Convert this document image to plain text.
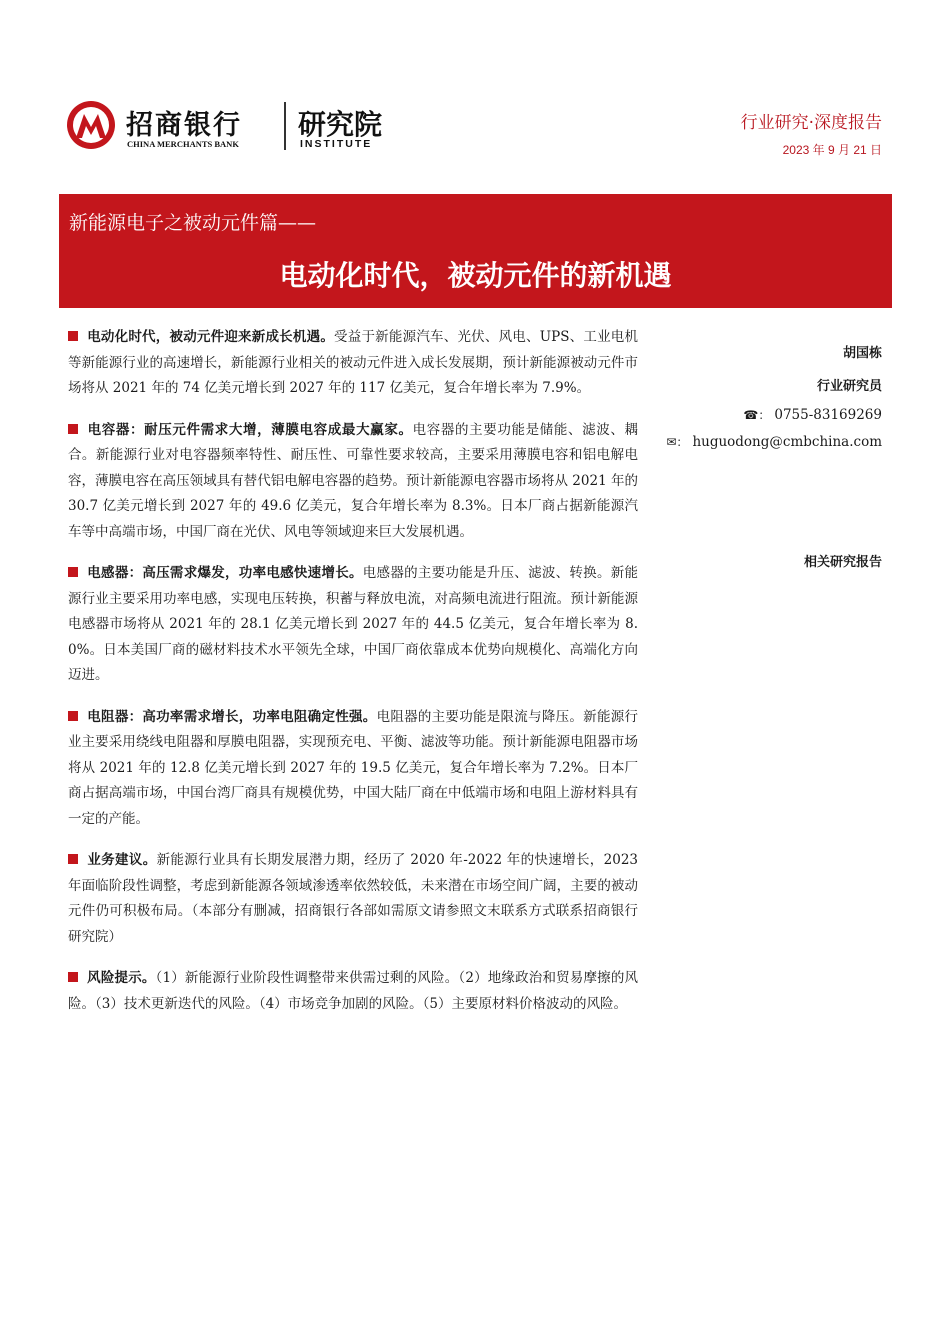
招商银行
CHINA MERCHANTS BANK
研究院
INSTITUTE
行业研究·深度报告
2023 年 9 月 21 日
新能源电子之被动元件篇——
电动化时代，被动元件的新机遇

电动化时代，被动元件迎来新成长机遇。受益于新能源汽车、光伏、风电、UPS、工业电机等新能源行业的高速增长，新能源行业相关的被动元件进入成长发展期，预计新能源被动元件市场将从 2021 年的 74 亿美元增长到 2027 年的 117 亿美元，复合年增长率为 7.9%。

电容器：耐压元件需求大增，薄膜电容成最大赢家。电容器的主要功能是储能、滤波、耦合。新能源行业对电容器频率特性、耐压性、可靠性要求较高，主要采用薄膜电容和铝电解电容，薄膜电容在高压领域具有替代铝电解电容器的趋势。预计新能源电容器市场将从 2021 年的 30.7 亿美元增长到 2027 年的 49.6 亿美元，复合年增长率为 8.3%。日本厂商占据新能源汽车等中高端市场，中国厂商在光伏、风电等领域迎来巨大发展机遇。

电感器：高压需求爆发，功率电感快速增长。电感器的主要功能是升压、滤波、转换。新能源行业主要采用功率电感，实现电压转换，积蓄与释放电流，对高频电流进行阻流。预计新能源电感器市场将从 2021 年的 28.1 亿美元增长到 2027 年的 44.5 亿美元，复合年增长率为 8.0%。日本美国厂商的磁材料技术水平领先全球，中国厂商依靠成本优势向规模化、高端化方向迈进。

电阻器：高功率需求增长，功率电阻确定性强。电阻器的主要功能是限流与降压。新能源行业主要采用绕线电阻器和厚膜电阻器，实现预充电、平衡、滤波等功能。预计新能源电阻器市场将从 2021 年的 12.8 亿美元增长到 2027 年的 19.5 亿美元，复合年增长率为 7.2%。日本厂商占据高端市场，中国台湾厂商具有规模优势，中国大陆厂商在中低端市场和电阻上游材料具有一定的产能。

业务建议。新能源行业具有长期发展潜力期，经历了 2020 年-2022 年的快速增长，2023 年面临阶段性调整，考虑到新能源各领域渗透率依然较低，未来潜在市场空间广阔，主要的被动元件仍可积极布局。（本部分有删减，招商银行各部如需原文请参照文末联系方式联系招商银行研究院）

风险提示。（1）新能源行业阶段性调整带来供需过剩的风险。（2）地缘政治和贸易摩擦的风险。（3）技术更新迭代的风险。（4）市场竞争加剧的风险。（5）主要原材料价格波动的风险。

胡国栋
行业研究员
☎： 0755-83169269
✉： huguodong@cmbchina.com
相关研究报告
